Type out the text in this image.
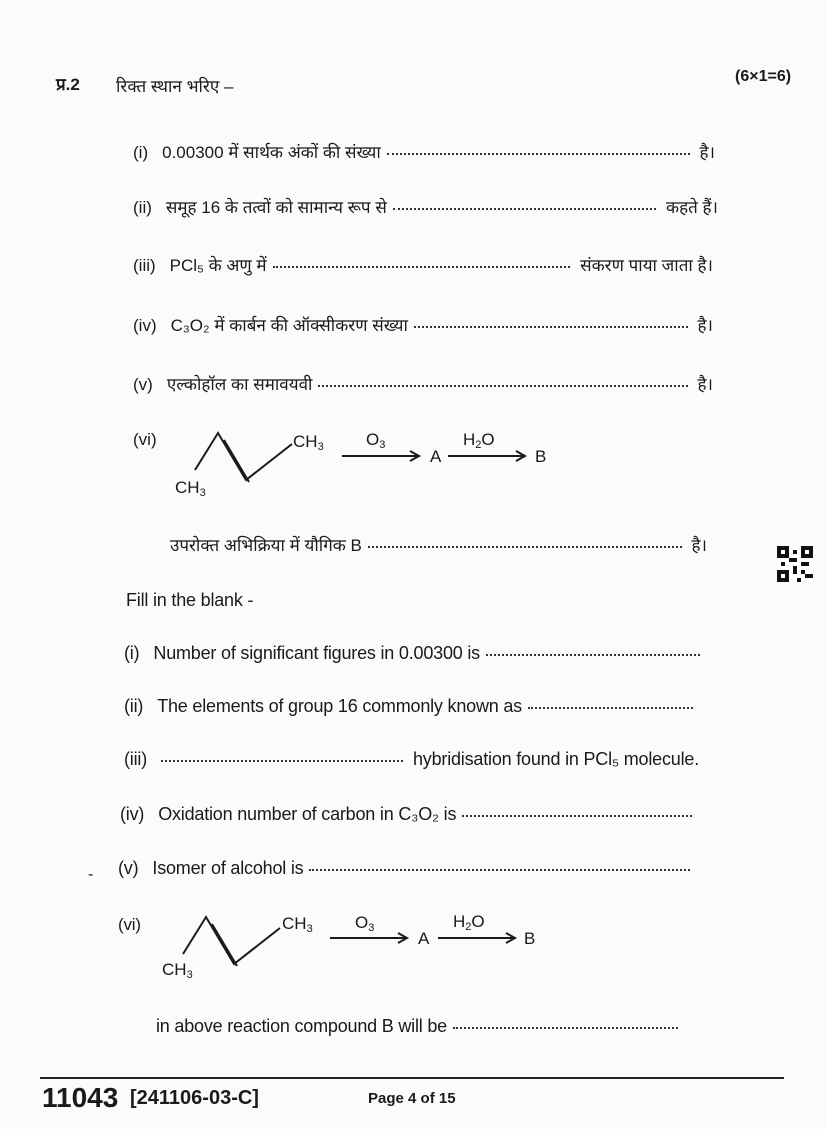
प्र.2 रिक्त स्थान भरिए –
(6×1=6)
(i) 0.00300 में सार्थक अंकों की संख्या	है।
(ii) समूह 16 के तत्वों को सामान्य रूप से	कहते हैं।
(iii) PCl₅ के अणु में	संकरण पाया जाता है।
(iv) C₃O₂ में कार्बन की ऑक्सीकरण संख्या	है।
(v) एल्कोहॉल का समावयवी	है।
(vi)	$CH_3$
$CH_3$
$O_3$
A
$H_2O$
B
उपरोक्त अभिक्रिया में यौगिक B	है।
Fill in the blank -
(i) Number of significant figures in 0.00300 is
(ii) The elements of group 16 commonly known as
(iii)	hybridisation found in PCl₅ molecule.
(iv) Oxidation number of carbon in C₃O₂ is
- (v) Isomer of alcohol is
(vi)	$CH_3$
$CH_3$
$O_3$
A
$H_2O$
B
in above reaction compound B will be
11043 [241106-03-C]	Page 4 of 15
